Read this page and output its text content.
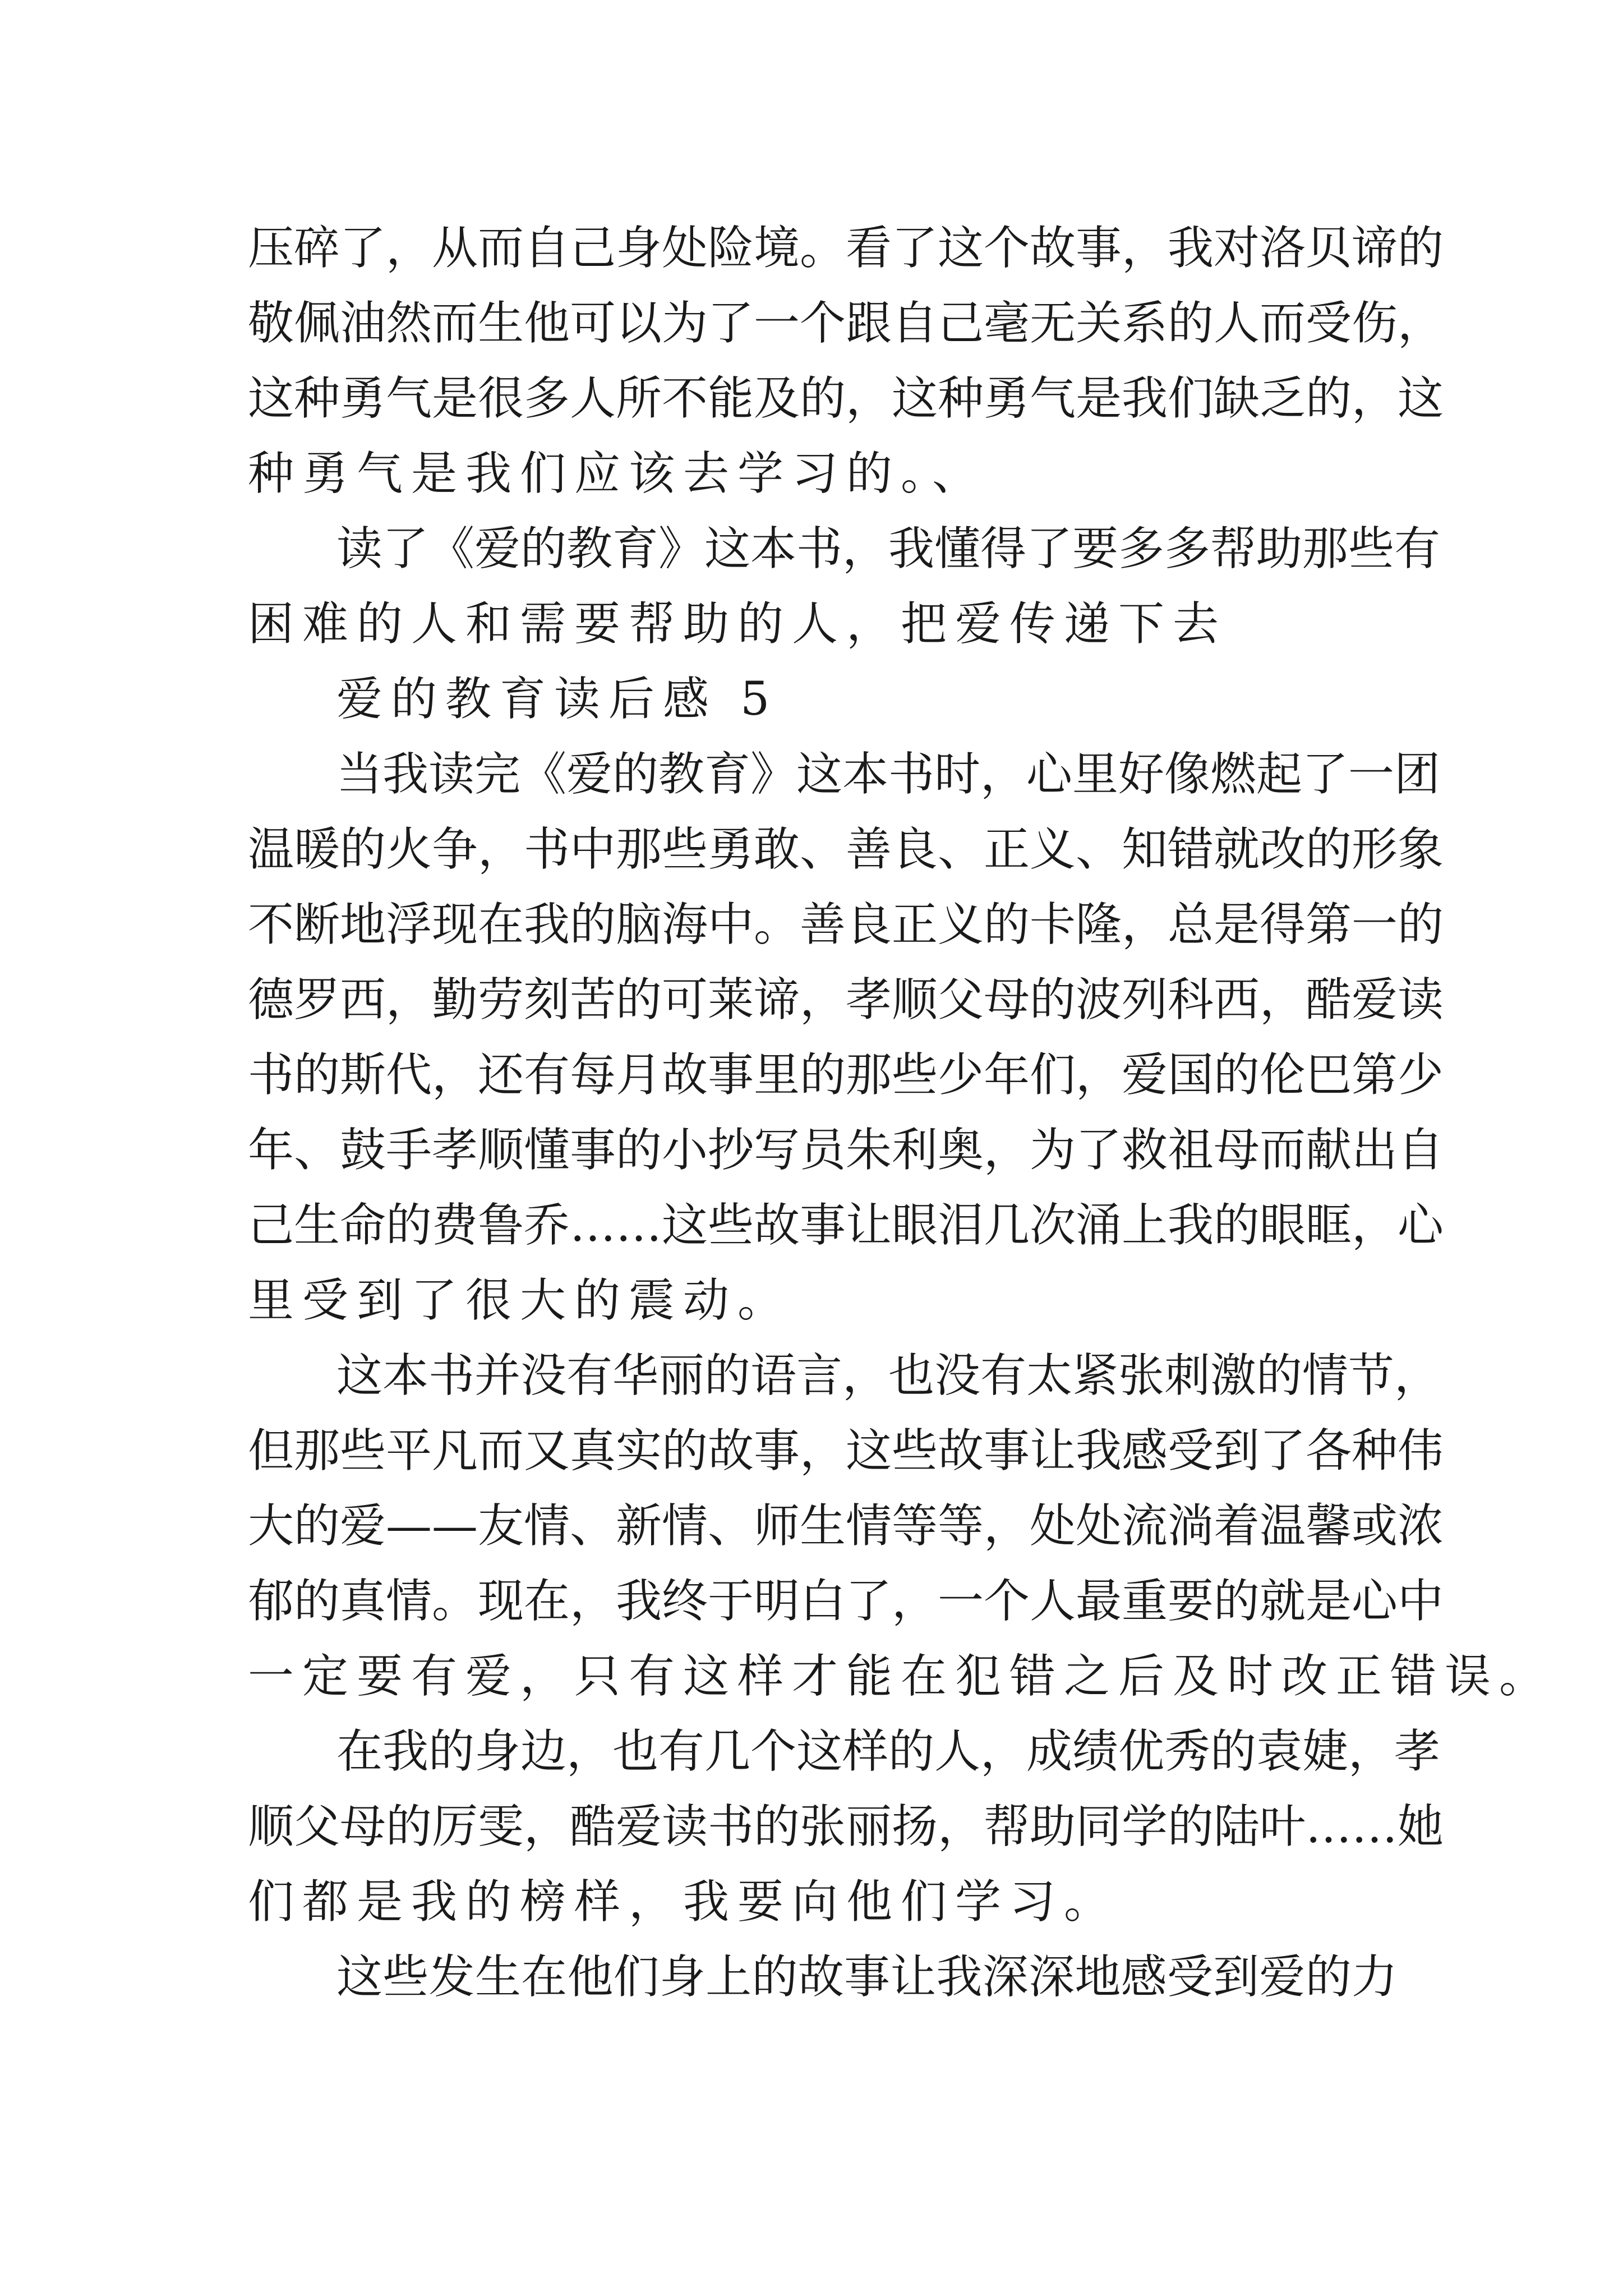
压碎了，从而自己身处险境。看了这个故事，我对洛贝谛的
敬佩油然而生他可以为了一个跟自己毫无关系的人而受伤，
这种勇气是很多人所不能及的，这种勇气是我们缺乏的，这
种勇气是我们应该去学习的。、
读了《爱的教育》这本书，我懂得了要多多帮助那些有
困难的人和需要帮助的人，把爱传递下去
爱的教育读后感 5
当我读完《爱的教育》这本书时，心里好像燃起了一团
温暖的火争，书中那些勇敢、善良、正义、知错就改的形象
不断地浮现在我的脑海中。善良正义的卡隆，总是得第一的
德罗西，勤劳刻苦的可莱谛，孝顺父母的波列科西，酷爱读
书的斯代，还有每月故事里的那些少年们，爱国的伦巴第少
年、鼓手孝顺懂事的小抄写员朱利奥，为了救祖母而献出自
己生命的费鲁乔……这些故事让眼泪几次涌上我的眼眶，心
里受到了很大的震动。
这本书并没有华丽的语言，也没有太紧张刺激的情节，
但那些平凡而又真实的故事，这些故事让我感受到了各种伟
大的爱——友情、新情、师生情等等，处处流淌着温馨或浓
郁的真情。现在，我终于明白了，一个人最重要的就是心中
一定要有爱，只有这样才能在犯错之后及时改正错误。
在我的身边，也有几个这样的人，成绩优秀的袁婕，孝
顺父母的厉雯，酷爱读书的张丽扬，帮助同学的陆叶……她
们都是我的榜样，我要向他们学习。
这些发生在他们身上的故事让我深深地感受到爱的力
